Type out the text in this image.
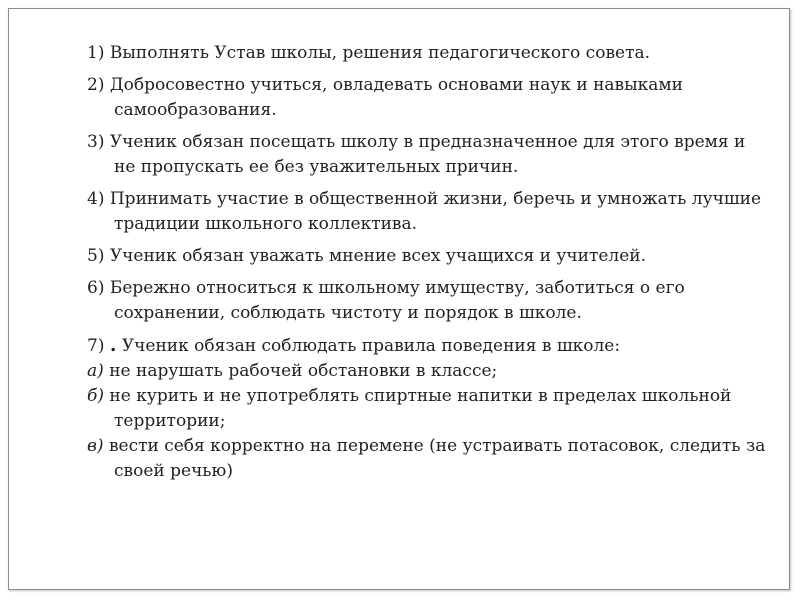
1) Выполнять Устав школы, решения педагогического совета.
2) Добросовестно учиться, овладевать основами наук и навыками самообразования.
3) Ученик обязан посещать школу в предназначенное для этого время и не пропускать ее без уважительных причин.
4) Принимать участие в общественной жизни, беречь и умножать лучшие традиции школьного коллектива.
5) Ученик обязан уважать мнение всех учащихся и учителей.
6) Бережно относиться к школьному имуществу, заботиться о его сохранении, соблюдать чистоту и порядок в школе.
7) . Ученик обязан соблюдать правила поведения в школе:
а) не нарушать рабочей обстановки в классе;
б) не курить и не употреблять спиртные напитки в пределах школьной территории;
в) вести себя корректно на перемене (не устраивать потасовок, следить за своей речью)
